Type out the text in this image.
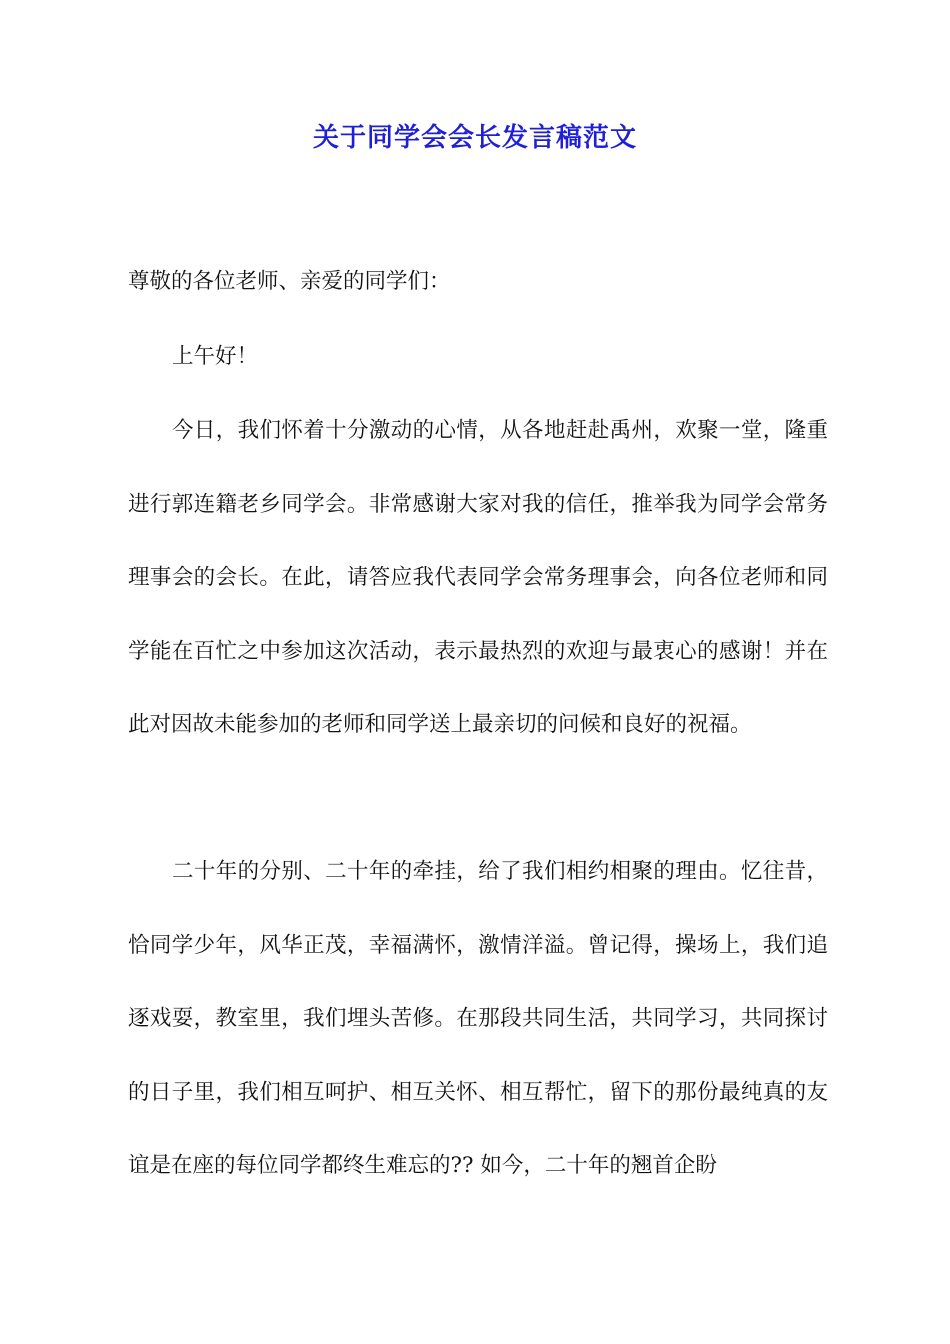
关于同学会会长发言稿范文
尊敬的各位老师、亲爱的同学们：

上午好！

今日，我们怀着十分激动的心情，从各地赶赴禹州，欢聚一堂，隆重进行郭连籍老乡同学会。非常感谢大家对我的信任，推举我为同学会常务理事会的会长。在此，请答应我代表同学会常务理事会，向各位老师和同学能在百忙之中参加这次活动，表示最热烈的欢迎与最衷心的感谢！并在此对因故未能参加的老师和同学送上最亲切的问候和良好的祝福。

二十年的分别、二十年的牵挂，给了我们相约相聚的理由。忆往昔，恰同学少年，风华正茂，幸福满怀，激情洋溢。曾记得，操场上，我们追逐戏耍，教室里，我们埋头苦修。在那段共同生活，共同学习，共同探讨的日子里，我们相互呵护、相互关怀、相互帮忙，留下的那份最纯真的友谊是在座的每位同学都终生难忘的?? 如今，二十年的翘首企盼
